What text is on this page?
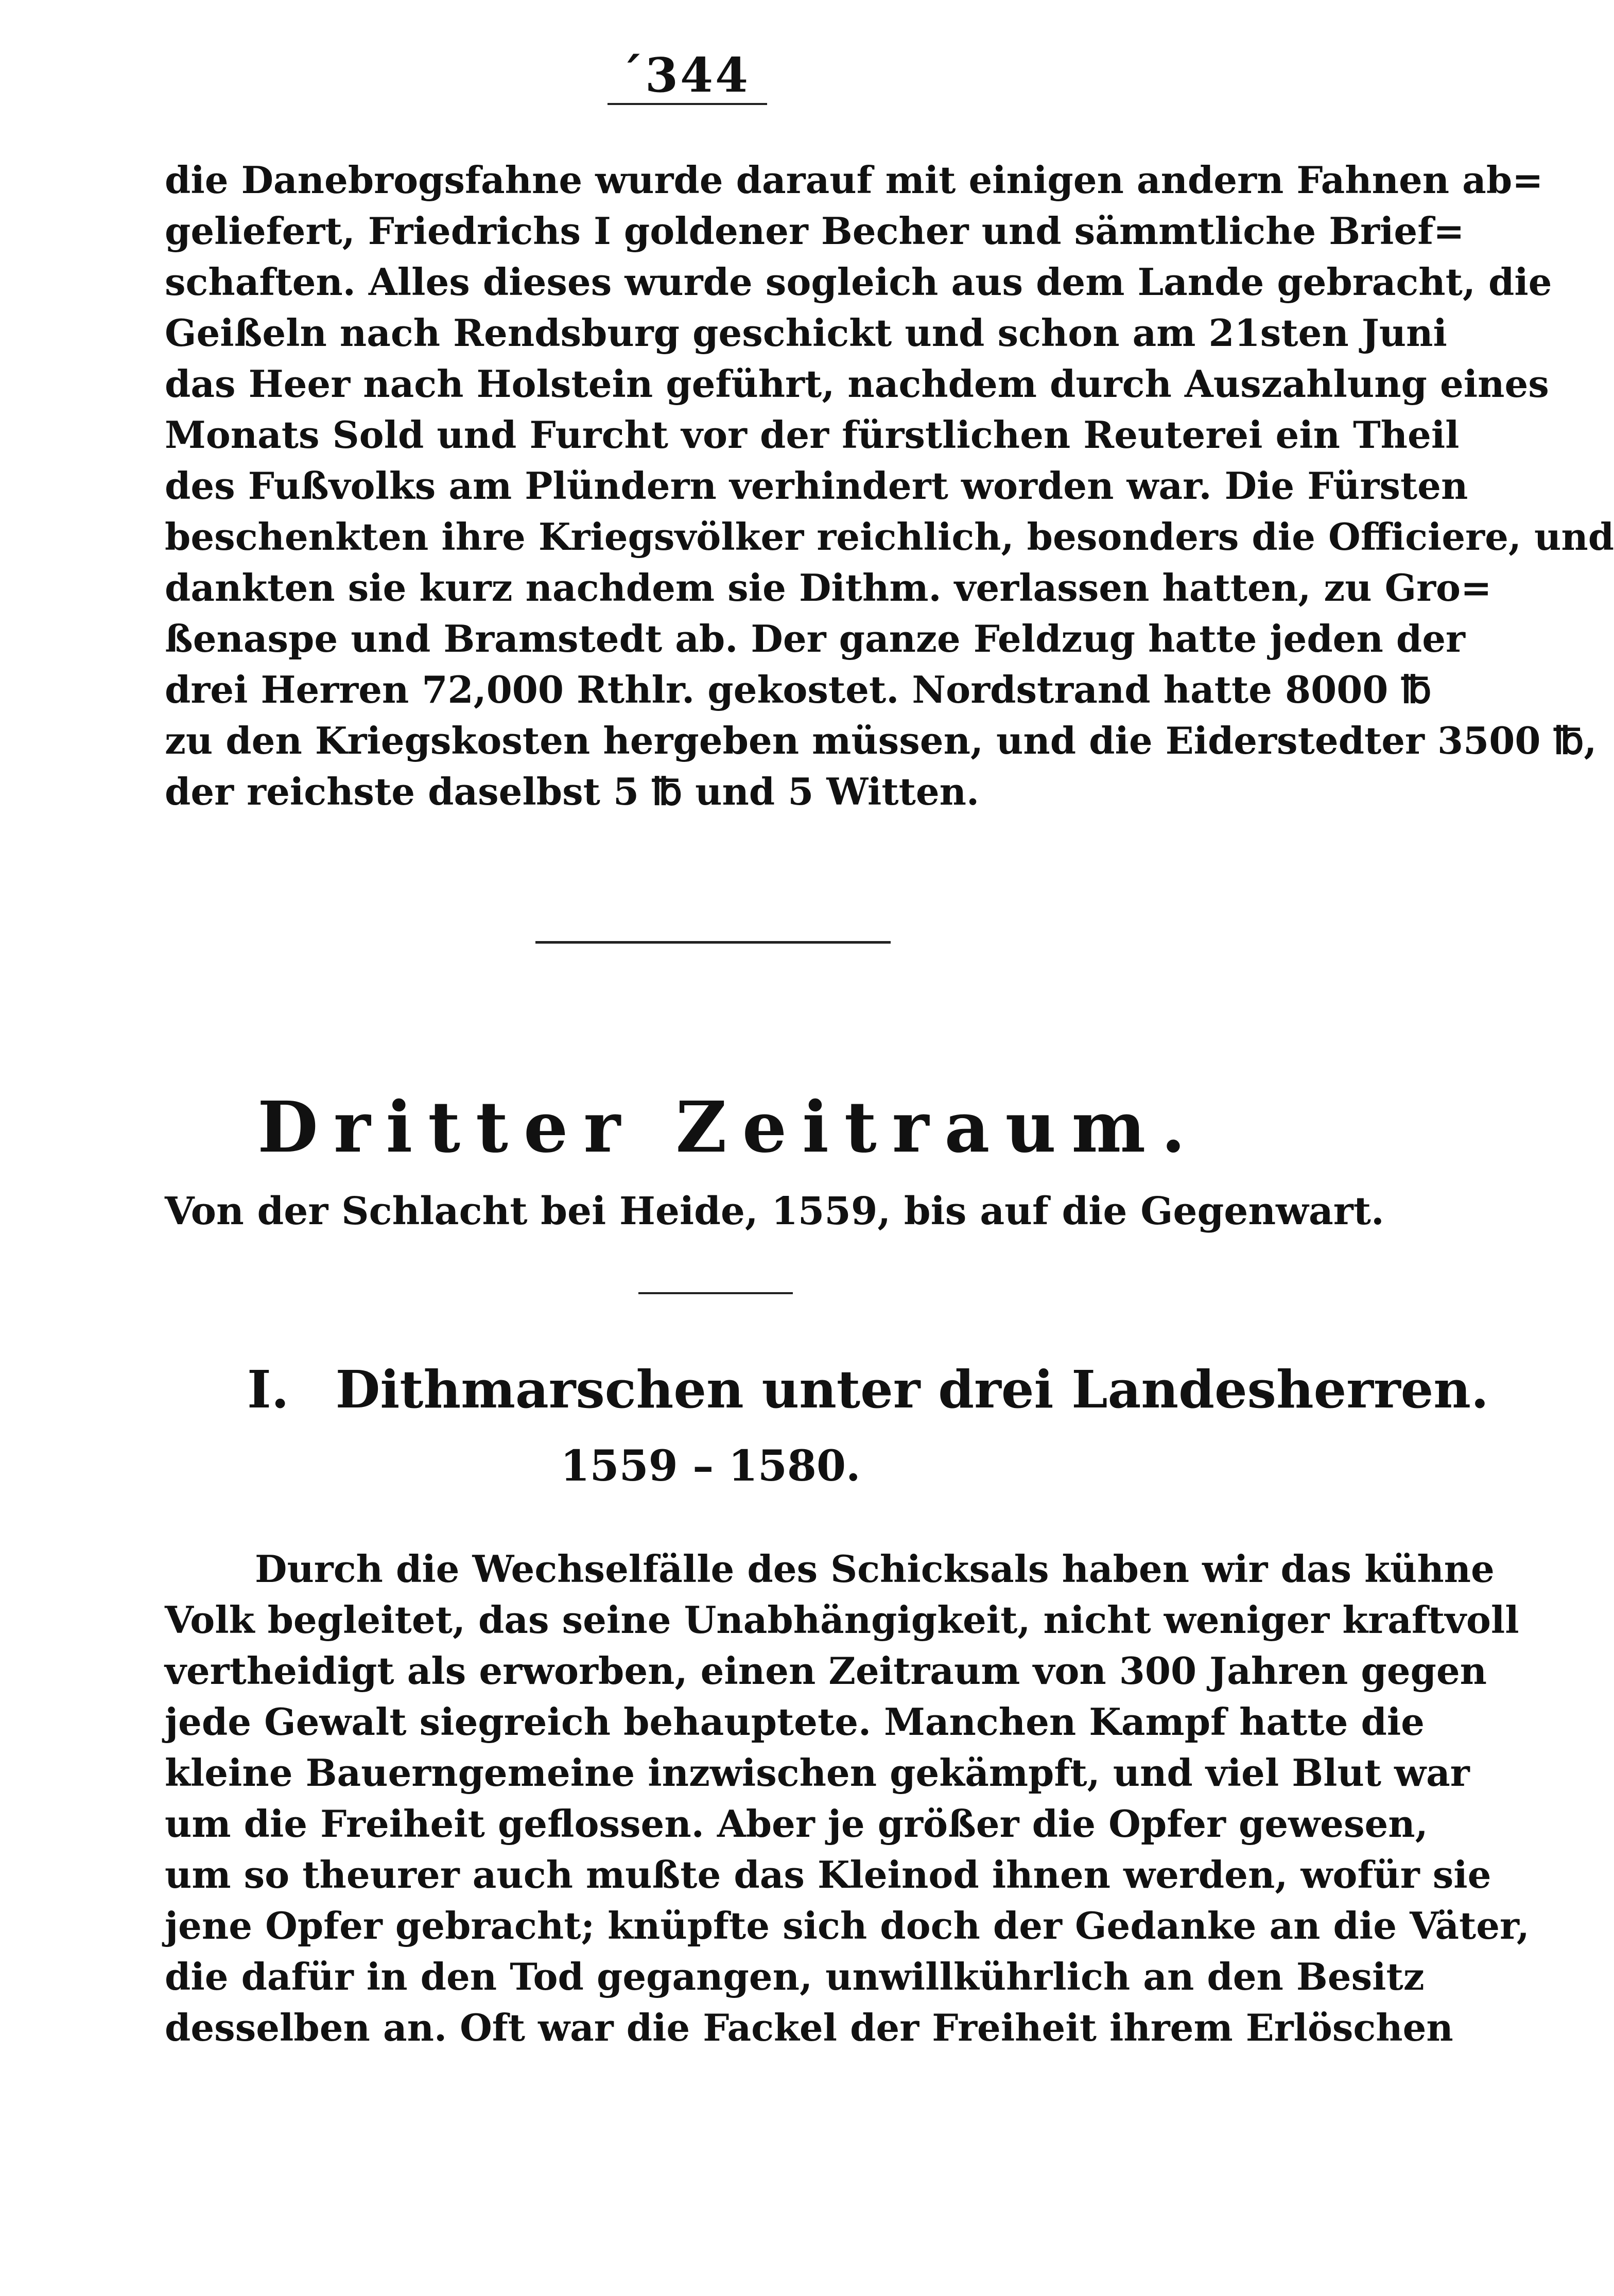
´344
die Danebrogsfahne wurde darauf mit einigen andern Fahnen ab=
geliefert, Friedrichs I goldener Becher und sämmtliche Brief=
schaften. Alles dieses wurde sogleich aus dem Lande gebracht, die
Geißeln nach Rendsburg geschickt und schon am 21sten Juni
das Heer nach Holstein geführt, nachdem durch Auszahlung eines
Monats Sold und Furcht vor der fürstlichen Reuterei ein Theil
des Fußvolks am Plündern verhindert worden war. Die Fürsten
beschenkten ihre Kriegsvölker reichlich, besonders die Officiere, und
dankten sie kurz nachdem sie Dithm. verlassen hatten, zu Gro=
ßenaspe und Bramstedt ab. Der ganze Feldzug hatte jeden der
drei Herren 72,000 Rthlr. gekostet. Nordstrand hatte 8000 ℔
zu den Kriegskosten hergeben müssen, und die Eiderstedter 3500 ℔,
der reichste daselbst 5 ℔ und 5 Witten.
Dritter Zeitraum.
Von der Schlacht bei Heide, 1559, bis auf die Gegenwart.
I. Dithmarschen unter drei Landesherren.
1559 – 1580.
Durch die Wechselfälle des Schicksals haben wir das kühne
Volk begleitet, das seine Unabhängigkeit, nicht weniger kraftvoll
vertheidigt als erworben, einen Zeitraum von 300 Jahren gegen
jede Gewalt siegreich behauptete. Manchen Kampf hatte die
kleine Bauerngemeine inzwischen gekämpft, und viel Blut war
um die Freiheit geflossen. Aber je größer die Opfer gewesen,
um so theurer auch mußte das Kleinod ihnen werden, wofür sie
jene Opfer gebracht; knüpfte sich doch der Gedanke an die Väter,
die dafür in den Tod gegangen, unwillkührlich an den Besitz
desselben an. Oft war die Fackel der Freiheit ihrem Erlöschen
